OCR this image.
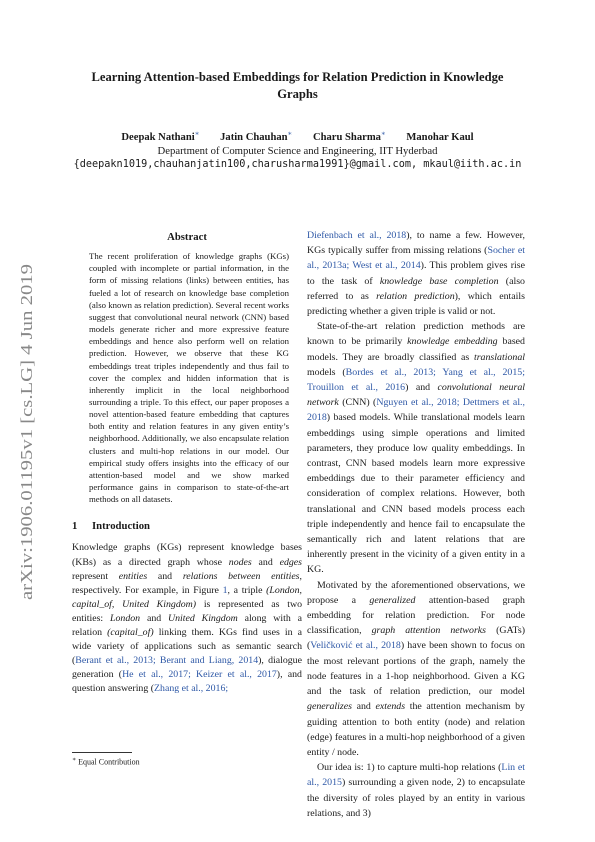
arXiv:1906.01195v1 [cs.LG] 4 Jun 2019
Learning Attention-based Embeddings for Relation Prediction in Knowledge Graphs
Deepak Nathani∗ Jatin Chauhan∗ Charu Sharma∗ Manohar Kaul
Department of Computer Science and Engineering, IIT Hyderbad
{deepakn1019,chauhanjatin100,charusharma1991}@gmail.com, mkaul@iith.ac.in
Abstract

The recent proliferation of knowledge graphs (KGs) coupled with incomplete or partial information, in the form of missing relations (links) between entities, has fueled a lot of research on knowledge base completion (also known as relation prediction). Several recent works suggest that convolutional neural network (CNN) based models generate richer and more expressive feature embeddings and hence also perform well on relation prediction. However, we observe that these KG embeddings treat triples independently and thus fail to cover the complex and hidden information that is inherently implicit in the local neighborhood surrounding a triple. To this effect, our paper proposes a novel attention-based feature embedding that captures both entity and relation features in any given entity’s neighborhood. Additionally, we also encapsulate relation clusters and multi-hop relations in our model. Our empirical study offers insights into the efficacy of our attention-based model and we show marked performance gains in comparison to state-of-the-art methods on all datasets.

1 Introduction

Knowledge graphs (KGs) represent knowledge bases (KBs) as a directed graph whose nodes and edges represent entities and relations between entities, respectively. For example, in Figure 1, a triple (London, capital_of, United Kingdom) is represented as two entities: London and United Kingdom along with a relation (capital_of) linking them. KGs find uses in a wide variety of applications such as semantic search (Berant et al., 2013; Berant and Liang, 2014), dialogue generation (He et al., 2017; Keizer et al., 2017), and question answering (Zhang et al., 2016;

Diefenbach et al., 2018), to name a few. However, KGs typically suffer from missing relations (Socher et al., 2013a; West et al., 2014). This problem gives rise to the task of knowledge base completion (also referred to as relation prediction), which entails predicting whether a given triple is valid or not.

State-of-the-art relation prediction methods are known to be primarily knowledge embedding based models. They are broadly classified as translational models (Bordes et al., 2013; Yang et al., 2015; Trouillon et al., 2016) and convolutional neural network (CNN) (Nguyen et al., 2018; Dettmers et al., 2018) based models. While translational models learn embeddings using simple operations and limited parameters, they produce low quality embeddings. In contrast, CNN based models learn more expressive embeddings due to their parameter efficiency and consideration of complex relations. However, both translational and CNN based models process each triple independently and hence fail to encapsulate the semantically rich and latent relations that are inherently present in the vicinity of a given entity in a KG.

Motivated by the aforementioned observations, we propose a generalized attention-based graph embedding for relation prediction. For node classification, graph attention networks (GATs) (Veličković et al., 2018) have been shown to focus on the most relevant portions of the graph, namely the node features in a 1-hop neighborhood. Given a KG and the task of relation prediction, our model generalizes and extends the attention mechanism by guiding attention to both entity (node) and relation (edge) features in a multi-hop neighborhood of a given entity / node.

Our idea is: 1) to capture multi-hop relations (Lin et al., 2015) surrounding a given node, 2) to encapsulate the diversity of roles played by an entity in various relations, and 3)

∗ Equal Contribution
